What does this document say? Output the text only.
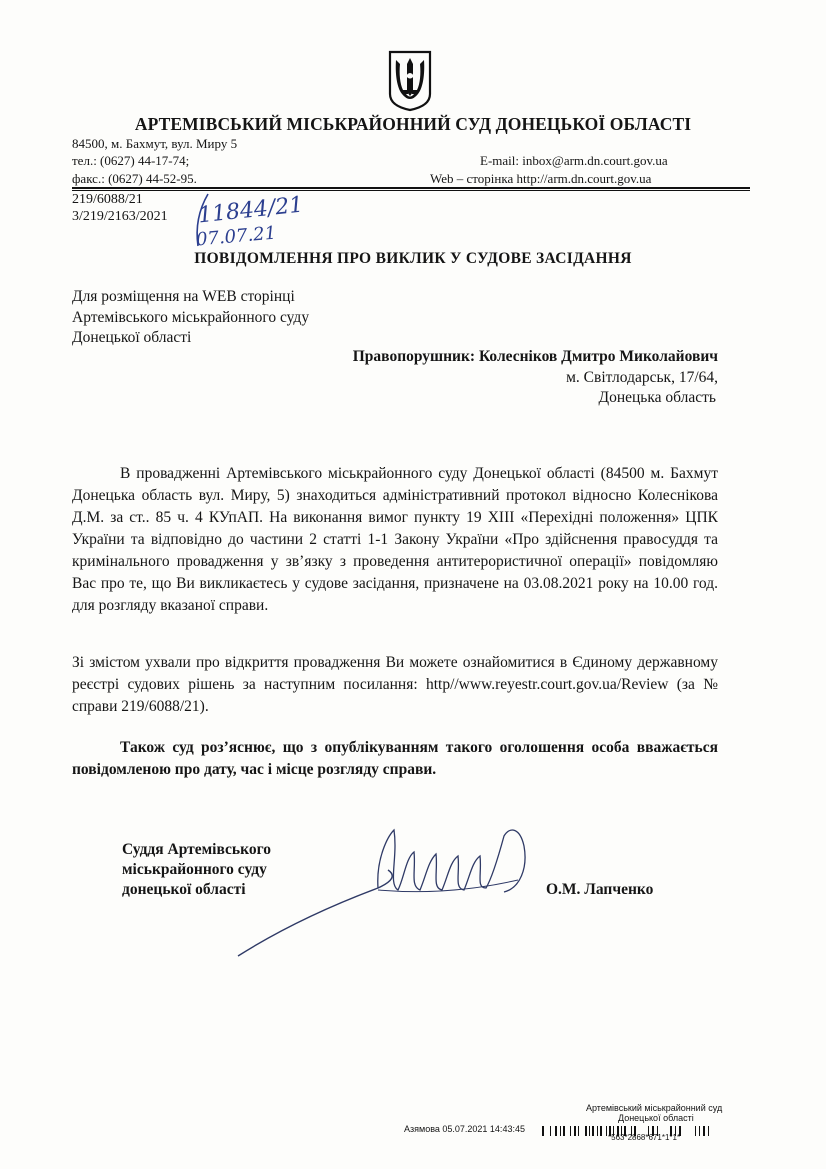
АРТЕМІВСЬКИЙ МІСЬКРАЙОННИЙ СУД ДОНЕЦЬКОЇ ОБЛАСТІ
84500, м. Бахмут, вул. Миру 5
тел.: (0627) 44-17-74;
факс.: (0627) 44-52-95.
E-mail: inbox@arm.dn.court.gov.ua
Web – сторінка http://arm.dn.court.gov.ua
219/6088/21
3/219/2163/2021 11844/21
07.07.21
ПОВІДОМЛЕННЯ ПРО ВИКЛИК У СУДОВЕ ЗАСІДАННЯ
Для розміщення на WEB сторінці
Артемівського міськрайонного суду
Донецької області
Правопорушник: Колесніков Дмитро Миколайович
м. Світлодарськ, 17/64,
Донецька область
В провадженні Артемівського міськрайонного суду Донецької області (84500 м. Бахмут Донецька область вул. Миру, 5) знаходиться адміністративний протокол відносно Колеснікова Д.М. за ст.. 85 ч. 4 КУпАП. На виконання вимог пункту 19 XIII «Перехідні положення» ЦПК України та відповідно до частини 2 статті 1-1 Закону України «Про здійснення правосуддя та кримінального провадження у зв’язку з проведення антитерористичної операції» повідомляю Вас про те, що Ви викликаєтесь у судове засідання, призначене на 03.08.2021 року на 10.00 год. для розгляду вказаної справи.
Зі змістом ухвали про відкриття провадження Ви можете ознайомитися в Єдиному державному реєстрі судових рішень за наступним посилання: http//www.reyestr.court.gov.ua/Review (за № справи 219/6088/21).
Також суд роз’яснює, що з опублікуванням такого оголошення особа вважається повідомленою про дату, час і місце розгляду справи.
Суддя Артемівського
міськрайонного суду
донецької області	О.М. Лапченко
Артемівський міськрайонний суд
Донецької області
Азямова 05.07.2021 14:43:45
*563*2868*671*1*1*
